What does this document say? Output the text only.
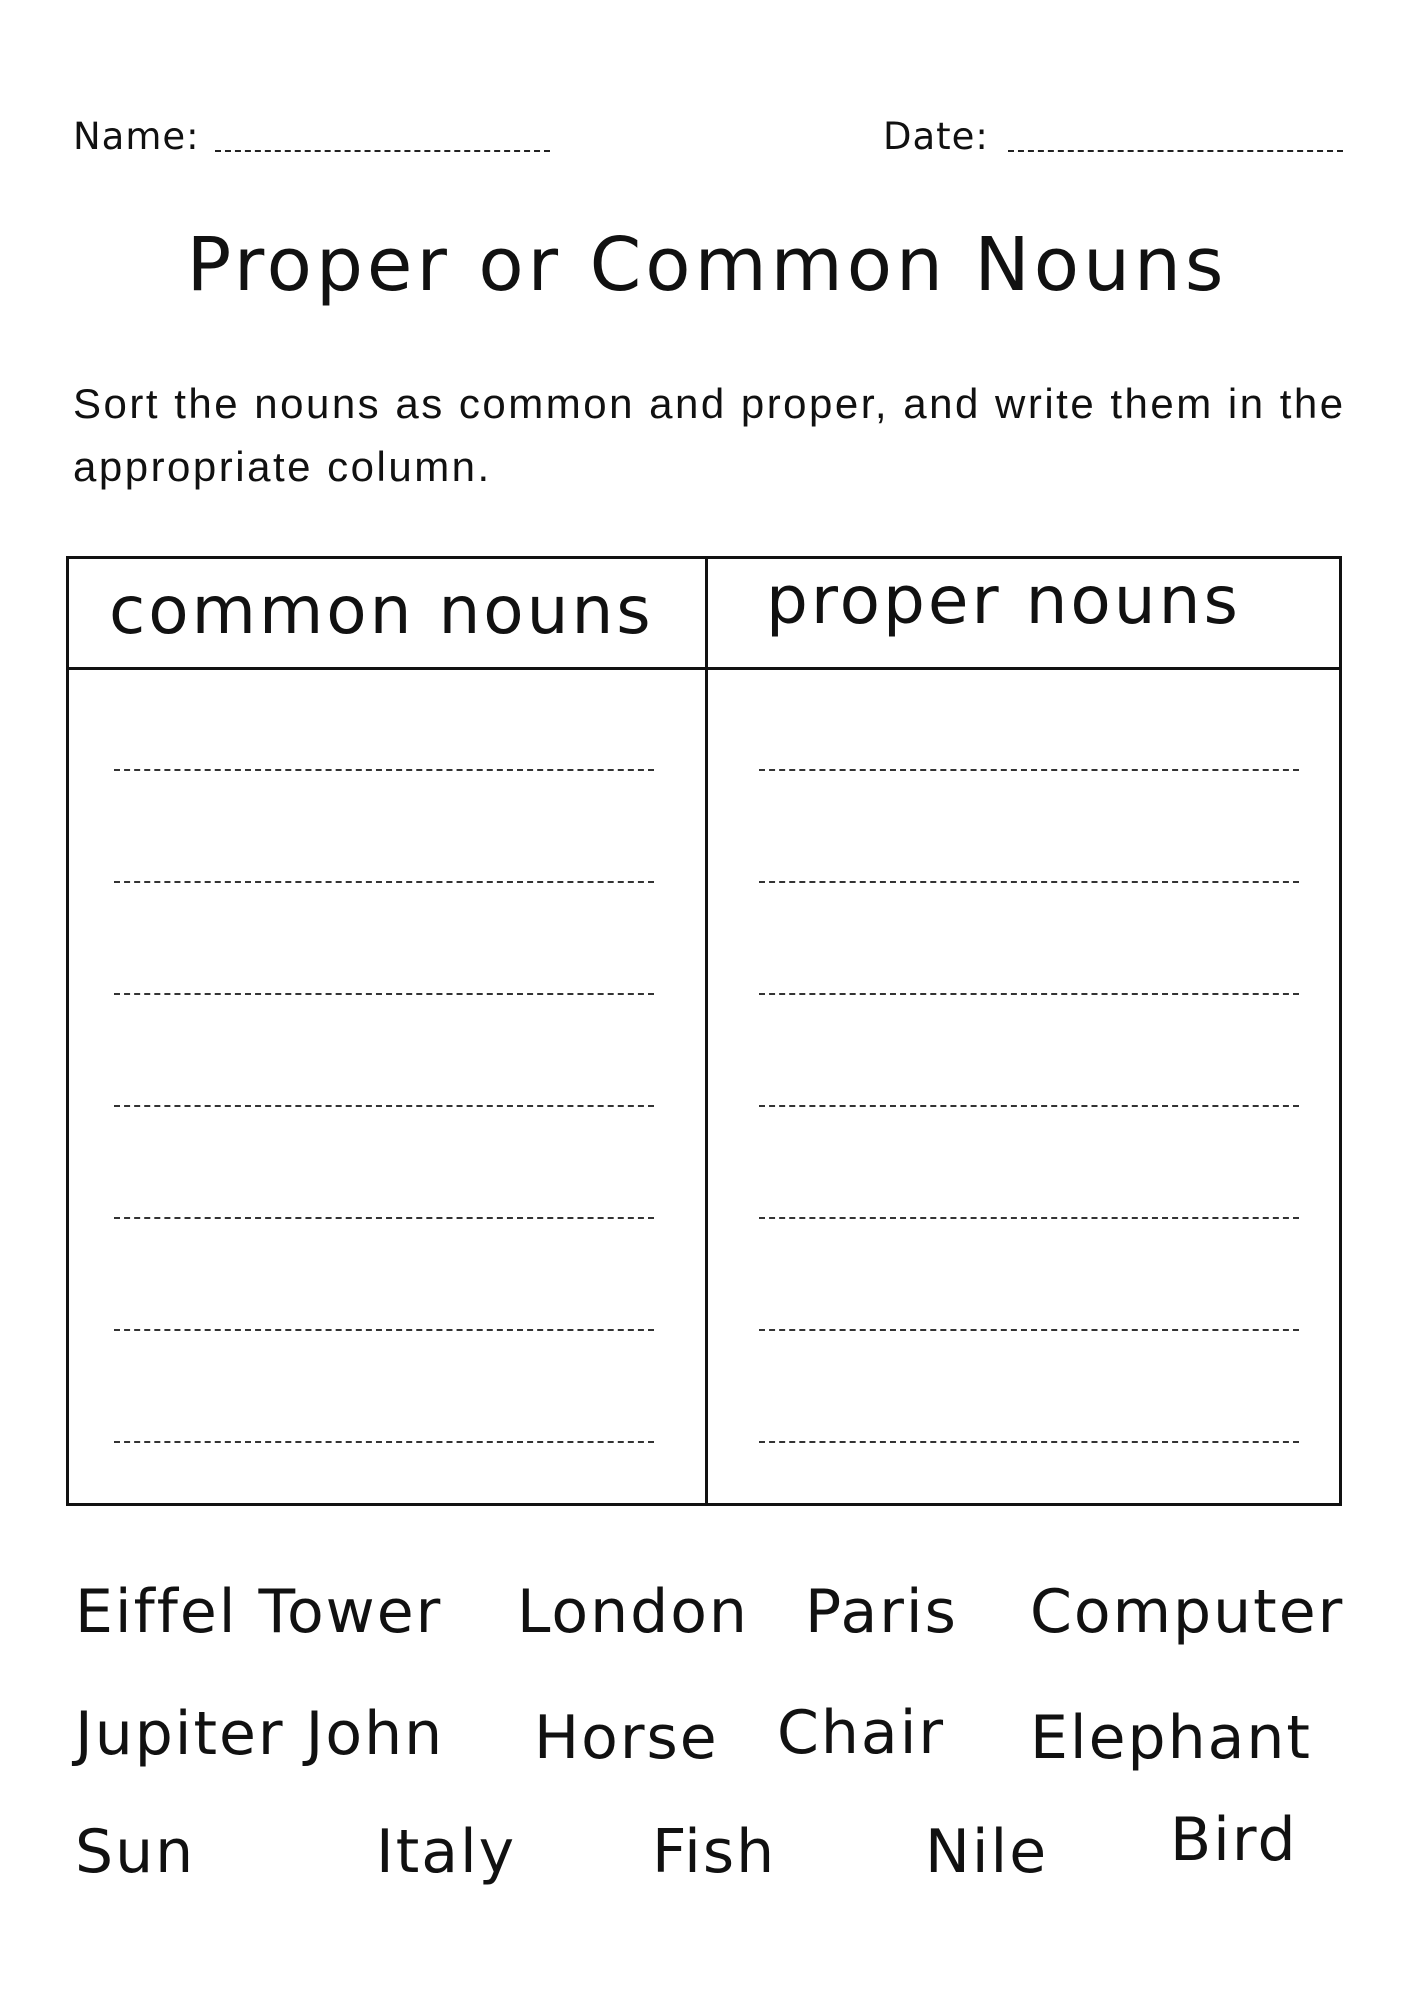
Name:	Date:
Proper or Common Nouns
Sort the nouns as common and proper, and write them in the appropriate column.
common nouns proper nouns
Eiffel Tower London Paris Computer
Jupiter John Horse Chair Elephant
Sun	Italy Fish Nile Bird
